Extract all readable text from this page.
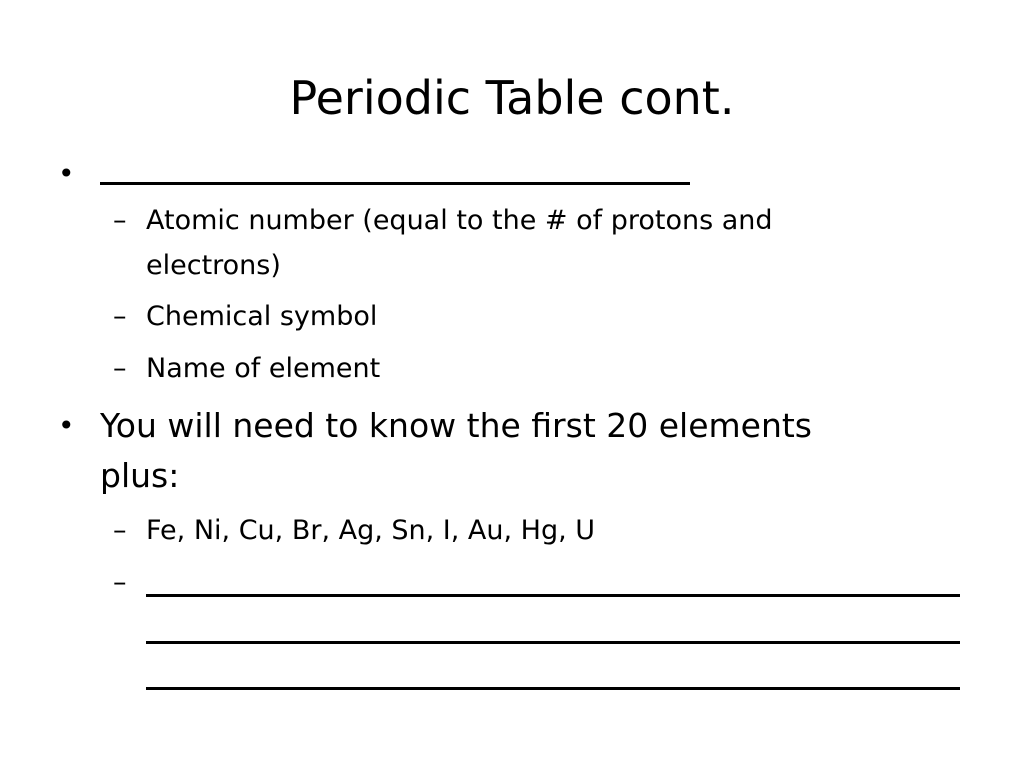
Periodic Table cont.
•
– Atomic number (equal to the # of protons and
electrons)
– Chemical symbol
– Name of element
• You will need to know the first 20 elements
plus:
– Fe, Ni, Cu, Br, Ag, Sn, I, Au, Hg, U
–
